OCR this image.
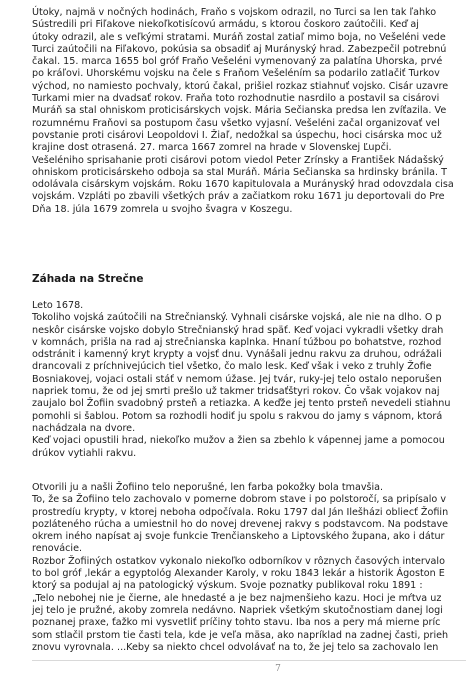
Útoky, najmä v nočných hodinách, Fraňo s vojskom odrazil, no Turci sa len tak ľahko
Sústredili pri Fiľakove niekoľkotisícovú armádu, s ktorou čoskoro zaútočili. Keď aj
útoky odrazil, ale s veľkými stratami. Muráň zostal zatiaľ mimo boja, no Vešeléni vede
Turci zaútočili na Fiľakovo, pokúsia sa obsadiť aj Murányský hrad. Zabezpečil potrebnú
čakal. 15. marca 1655 bol gróf Fraňo Vešeléni vymenovaný za palatína Uhorska, prvé
po kráľovi. Uhorskému vojsku na čele s Fraňom Vešeléním sa podarilo zatlačiť Turkov
východ, no namiesto pochvaly, ktorú čakal, prišiel rozkaz stiahnuť vojsko. Cisár uzavre
Turkami mier na dvadsať rokov. Fraňa toto rozhodnutie nasrdilo a postavil sa cisárovi
Muráň sa stal ohniskom proticisárskych vojsk. Mária Sečianska predsa len zvíťazila. Ve
rozumnému Fraňovi sa postupom času všetko vyjasní. Vešeléni začal organizovať vel
povstanie proti cisárovi Leopoldovi I. Žiaľ, nedožkal sa úspechu, hoci cisárska moc už
krajine dost otrasená. 27. marca 1667 zomrel na hrade v Slovenskej Ľupči.
Vešeléniho sprisahanie proti cisárovi potom viedol Peter Zrínsky a František Nádašský
ohniskom proticisárskeho odboja sa stal Muráň. Mária Sečianska sa hrdinsky bránila. T
odolávala cisárskym vojskám. Roku 1670 kapitulovala a Murányský hrad odovzdala cisa
vojskám. Vzpláti po zbavili všetkých práv a začiatkom roku 1671 ju deportovali do Pre
Dňa 18. júla 1679 zomrela u svojho švagra v Koszegu.
Záhada na Strečne
Leto 1678.
Tokoliho vojská zaútočili na Strečnianský. Vyhnali cisárske vojská, ale nie na dlho. O p
neskôr cisárske vojsko dobylo Strečnianský hrad späť. Keď vojaci vykradli všetky drah
v komnách, prišla na rad aj strečnianska kaplnka. Hnaní túžbou po bohatstve, rozhod
odstránit i kamenný kryt krypty a vojsť dnu. Vynášali jednu rakvu za druhou, odrážali
drancovali z príchnivejúcich tiel všetko, čo malo lesk. Keď však i veko z truhly Žofie
Bosniakovej, vojaci ostali stáť v nemom úžase. Jej tvár, ruky-jej telo ostalo neporušen
napriek tomu, že od jej smrti prešlo už takmer tridsaťštyri rokov. Čo však vojakov naj
zaujalo bol Žofiin svadobný prsteň a retiazka. A keďže jej tento prsteň nevedeli stiahnu
pomohli si šablou. Potom sa rozhodli hodiť ju spolu s rakvou do jamy s vápnom, ktorá
nachádzala na dvore.
Keď vojaci opustili hrad, niekoľko mužov a žien sa zbehlo k vápennej jame a pomocou
drúkov vytiahli rakvu.
Otvorili ju a našli Žofiino telo neporušné, len farba pokožky bola tmavšia.
To, že sa Žofiino telo zachovalo v pomerne dobrom stave i po polstoročí, sa pripísalo v
prostredíu krypty, v ktorej neboha odpočívala. Roku 1797 dal Ján Ilešházi obliecť Žofiin
pozláteného rúcha a umiestnil ho do novej drevenej rakvy s podstavcom. Na podstave
okrem iného napísat aj svoje funkcie Trenčianskeho a Liptovského župana, ako i dátur
renovácie.
Rozbor Žofiiných ostatkov vykonalo niekoľko odborníkov v rôznych časových intervalo
to bol gróf ,lekár a egyptológ Alexander Karoly, v roku 1843 lekár a historik Ágoston E
ktorý sa podujal aj na patologický výskum. Svoje poznatky publikoval roku 1891 :
„Telo nebohej nie je čierne, ale hnedasté a je bez najmenšieho kazu. Hoci je mŕtva uz
jej telo je pružné, akoby zomrela nedávno. Napriek všetkým skutočnostiam danej logi
poznanej praxe, ťažko mi vysvetliť príčiny tohto stavu. Iba nos a pery má mierne príc
som stlačil prstom tie časti tela, kde je veľa mäsa, ako napríklad na zadnej časti, prieh
znovu vyrovnala. ...Keby sa niekto chcel odvolávať na to, že jej telo sa zachovalo len
7
